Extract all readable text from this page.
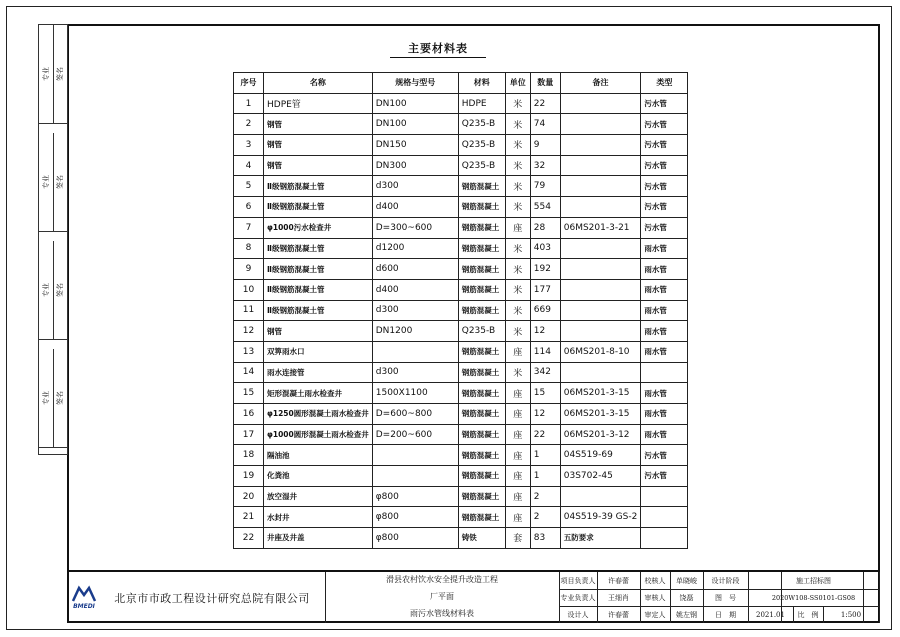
专业 签名
专业 签名
专业 签名
专业 签名
主要材料表
序号	名称	规格与型号	材料	单位	数量	备注	类型
1	HDPE管	DN100	HDPE	米	22		污水管
2	钢管	DN100	Q235-B	米	74		污水管
3	钢管	DN150	Q235-B	米	9		污水管
4	钢管	DN300	Q235-B	米	32		污水管
5	Ⅱ级钢筋混凝土管	d300	钢筋混凝土	米	79		污水管
6	Ⅱ级钢筋混凝土管	d400	钢筋混凝土	米	554		污水管
7	φ1000污水检查井	D=300~600	钢筋混凝土	座	28	06MS201-3-21	污水管
8	Ⅱ级钢筋混凝土管	d1200	钢筋混凝土	米	403		雨水管
9	Ⅱ级钢筋混凝土管	d600	钢筋混凝土	米	192		雨水管
10	Ⅱ级钢筋混凝土管	d400	钢筋混凝土	米	177		雨水管
11	Ⅱ级钢筋混凝土管	d300	钢筋混凝土	米	669		雨水管
12	钢管	DN1200	Q235-B	米	12		雨水管
13	双箅雨水口		钢筋混凝土	座	114	06MS201-8-10	雨水管
14	雨水连接管	d300	钢筋混凝土	米	342		
15	矩形混凝土雨水检查井	1500X1100	钢筋混凝土	座	15	06MS201-3-15	雨水管
16	φ1250圆形混凝土雨水检查井	D=600~800	钢筋混凝土	座	12	06MS201-3-15	雨水管
17	φ1000圆形混凝土雨水检查井	D=200~600	钢筋混凝土	座	22	06MS201-3-12	雨水管
18	隔油池		钢筋混凝土	座	1	04S519-69	污水管
19	化粪池		钢筋混凝土	座	1	03S702-45	污水管
20	放空湿井	φ800	钢筋混凝土	座	2		
21	水封井	φ800	钢筋混凝土	座	2	04S519-39 GS-2	
22	井座及井盖	φ800	铸铁	套	83	五防要求	
BMEDI
北京市市政工程设计研究总院有限公司
滑县农村饮水安全提升改造工程
厂平面
雨污水管线材料表
项目负责人
专业负责人
设计人
许春蕾
王细肖
许春蕾
校核人
审核人
审定人
单晓峻
饶磊
姚左钢
设计阶段
图　号
日　期
施工招标图
2020W108-SS0101-GS08
2021.01	比　例	1:500
